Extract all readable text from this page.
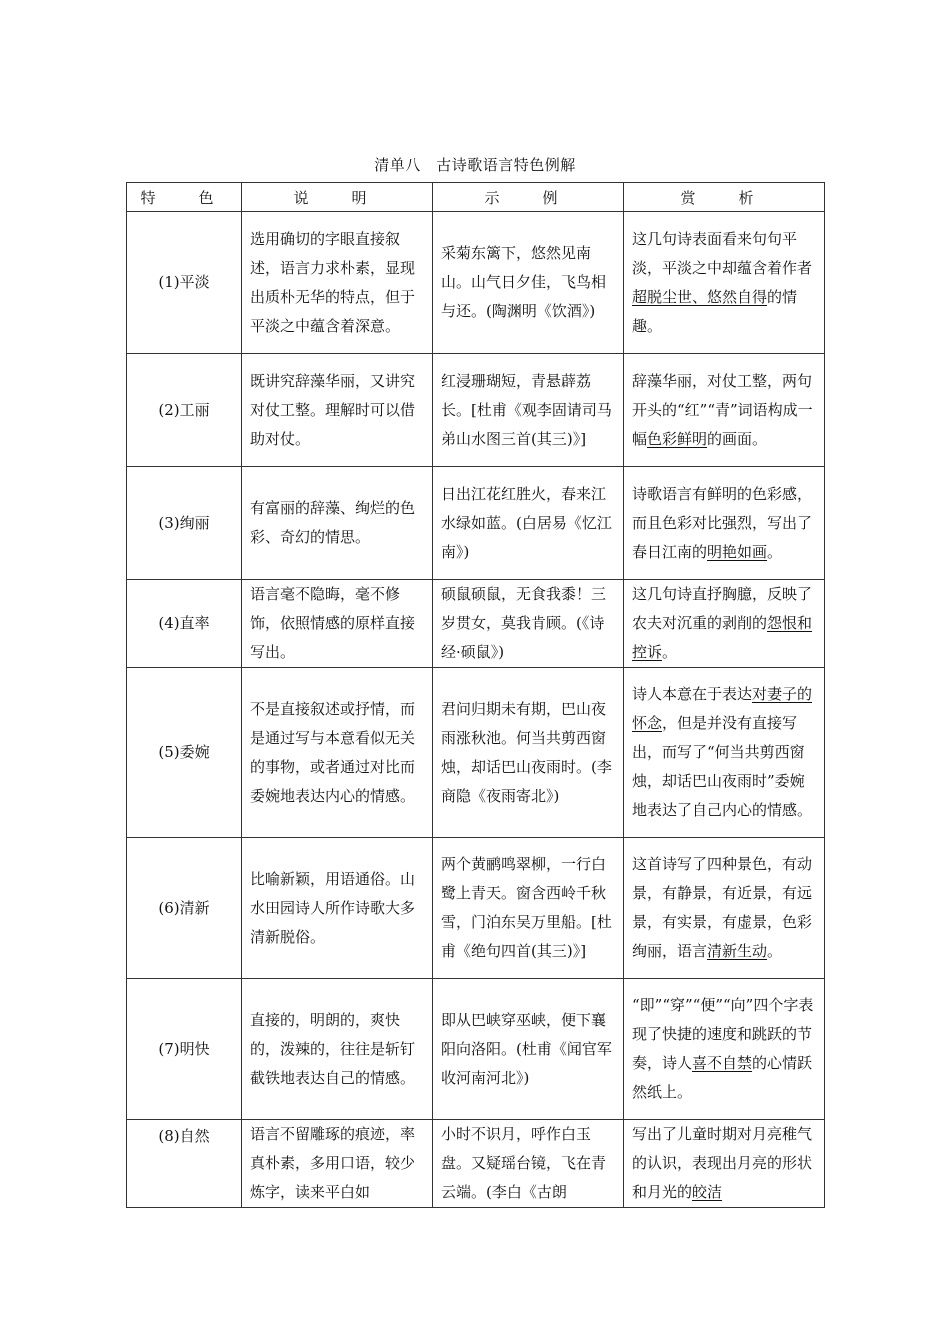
清单八　古诗歌语言特色例解
特　色	说　明	示　例	赏　析
(1)平淡	选用确切的字眼直接叙述，语言力求朴素，显现出质朴无华的特点，但于平淡之中蕴含着深意。	采菊东篱下，悠然见南山。山气日夕佳，飞鸟相与还。(陶渊明《饮酒》)	这几句诗表面看来句句平淡，平淡之中却蕴含着作者超脱尘世、悠然自得的情趣。
(2)工丽	既讲究辞藻华丽，又讲究对仗工整。理解时可以借助对仗。	红浸珊瑚短，青悬薜荔长。[杜甫《观李固请司马弟山水图三首(其三)》]	辞藻华丽，对仗工整，两句开头的“红”“青”词语构成一幅色彩鲜明的画面。
(3)绚丽	有富丽的辞藻、绚烂的色彩、奇幻的情思。	日出江花红胜火，春来江水绿如蓝。(白居易《忆江南》)	诗歌语言有鲜明的色彩感，而且色彩对比强烈，写出了春日江南的明艳如画。
(4)直率	语言毫不隐晦，毫不修饰，依照情感的原样直接写出。	硕鼠硕鼠，无食我黍！三岁贯女，莫我肯顾。(《诗经·硕鼠》)	这几句诗直抒胸臆，反映了农夫对沉重的剥削的怨恨和控诉。
(5)委婉	不是直接叙述或抒情，而是通过写与本意看似无关的事物，或者通过对比而委婉地表达内心的情感。	君问归期未有期，巴山夜雨涨秋池。何当共剪西窗烛，却话巴山夜雨时。(李商隐《夜雨寄北》)	诗人本意在于表达对妻子的怀念，但是并没有直接写出，而写了“何当共剪西窗烛，却话巴山夜雨时”委婉地表达了自己内心的情感。
(6)清新	比喻新颖，用语通俗。山水田园诗人所作诗歌大多清新脱俗。	两个黄鹂鸣翠柳，一行白鹭上青天。窗含西岭千秋雪，门泊东吴万里船。[杜甫《绝句四首(其三)》]	这首诗写了四种景色，有动景，有静景，有近景，有远景，有实景，有虚景，色彩绚丽，语言清新生动。
(7)明快	直接的，明朗的，爽快的，泼辣的，往往是斩钉截铁地表达自己的情感。	即从巴峡穿巫峡，便下襄阳向洛阳。(杜甫《闻官军收河南河北》)	“即”“穿”“便”“向”四个字表现了快捷的速度和跳跃的节奏，诗人喜不自禁的心情跃然纸上。
(8)自然	语言不留雕琢的痕迹，率真朴素，多用口语，较少炼字，读来平白如	小时不识月，呼作白玉盘。又疑瑶台镜，飞在青云端。(李白《古朗	写出了儿童时期对月亮稚气的认识，表现出月亮的形状和月光的皎洁
